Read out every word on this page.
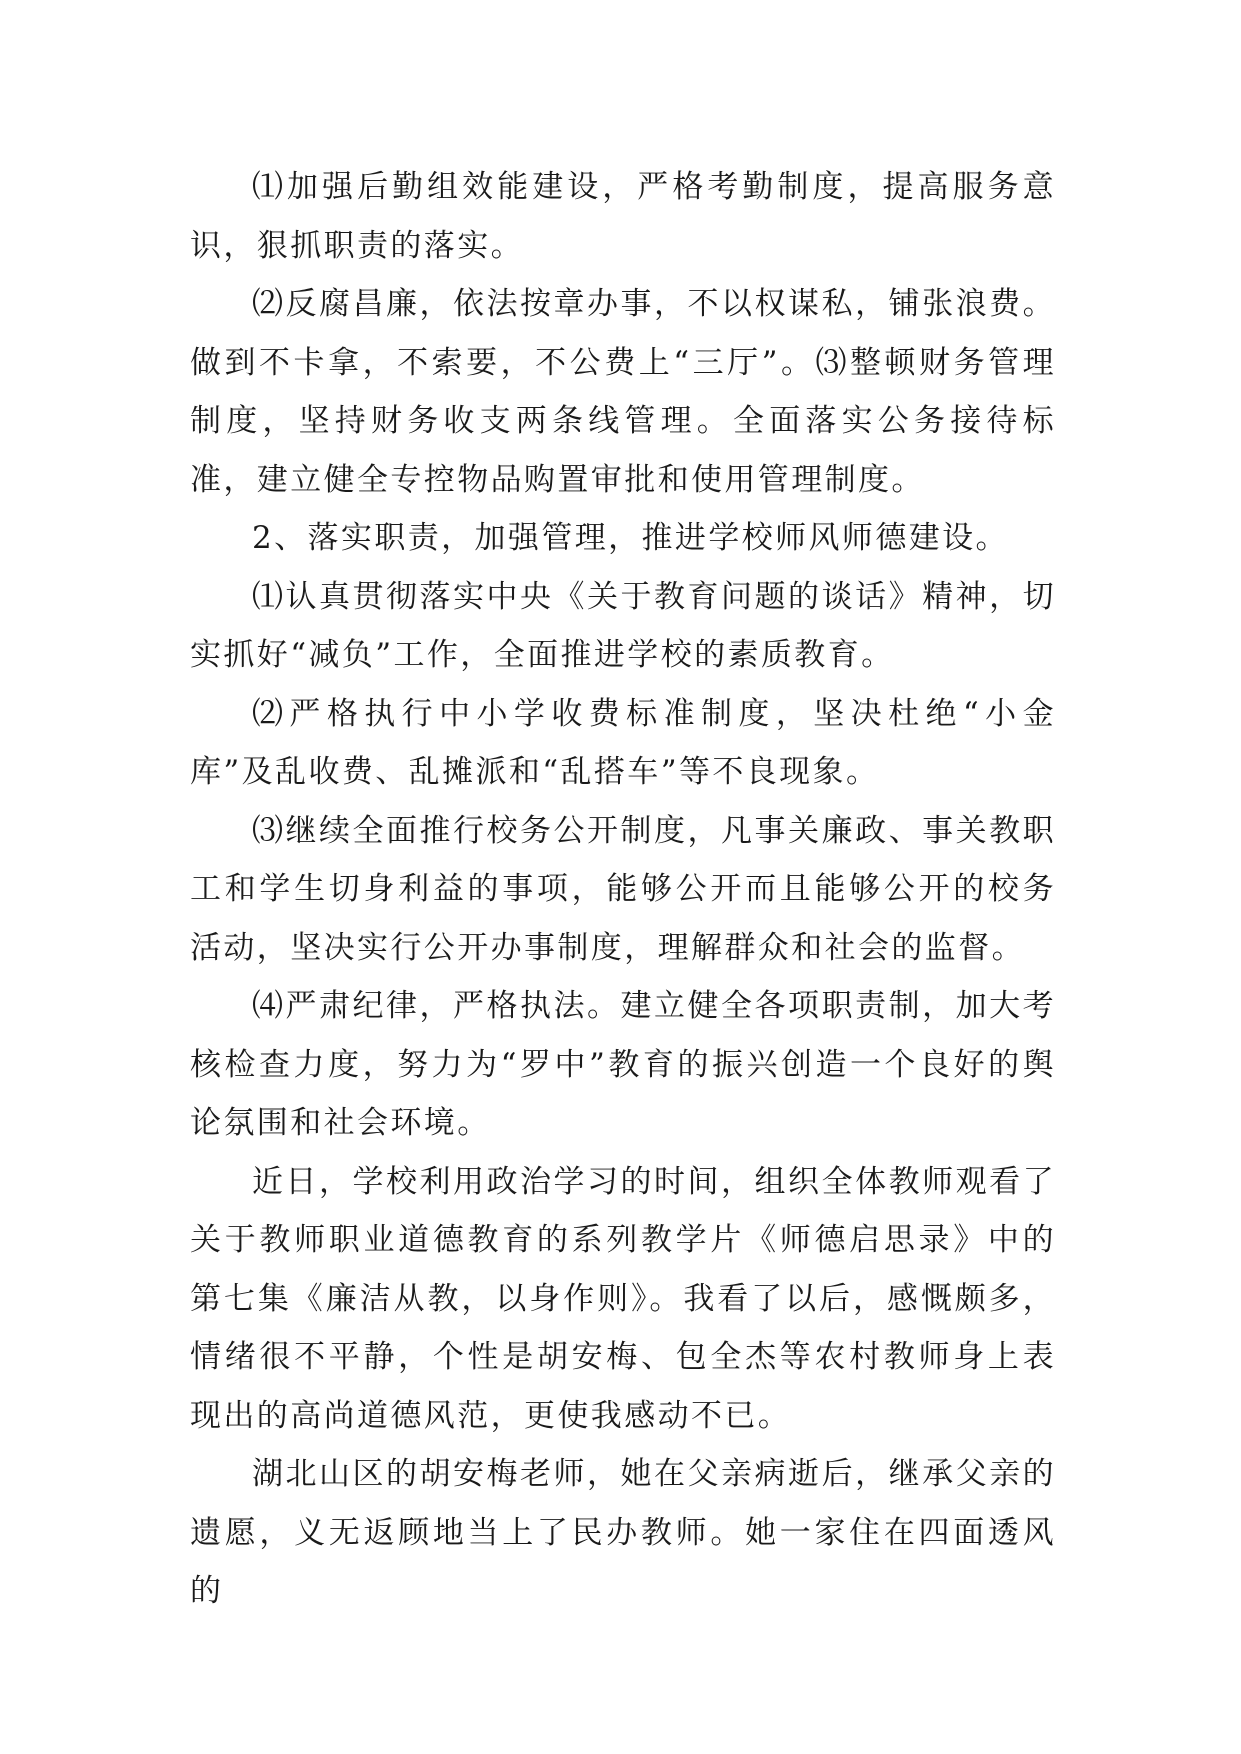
⑴加强后勤组效能建设，严格考勤制度，提高服务意识，狠抓职责的落实。

⑵反腐昌廉，依法按章办事，不以权谋私，铺张浪费。做到不卡拿，不索要，不公费上“三厅”。⑶整顿财务管理制度，坚持财务收支两条线管理。全面落实公务接待标准，建立健全专控物品购置审批和使用管理制度。

2、落实职责，加强管理，推进学校师风师德建设。

⑴认真贯彻落实中央《关于教育问题的谈话》精神，切实抓好“减负”工作，全面推进学校的素质教育。

⑵严格执行中小学收费标准制度，坚决杜绝“小金库”及乱收费、乱摊派和“乱搭车”等不良现象。

⑶继续全面推行校务公开制度，凡事关廉政、事关教职工和学生切身利益的事项，能够公开而且能够公开的校务活动，坚决实行公开办事制度，理解群众和社会的监督。

⑷严肃纪律，严格执法。建立健全各项职责制，加大考核检查力度，努力为“罗中”教育的振兴创造一个良好的舆论氛围和社会环境。

近日，学校利用政治学习的时间，组织全体教师观看了关于教师职业道德教育的系列教学片《师德启思录》中的第七集《廉洁从教，以身作则》。我看了以后，感慨颇多，情绪很不平静，个性是胡安梅、包全杰等农村教师身上表现出的高尚道德风范，更使我感动不已。

湖北山区的胡安梅老师，她在父亲病逝后，继承父亲的遗愿，义无返顾地当上了民办教师。她一家住在四面透风的
